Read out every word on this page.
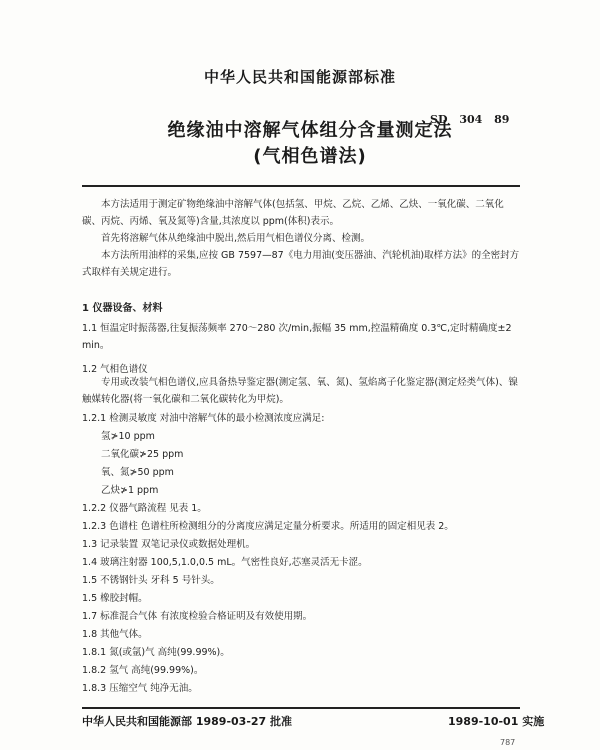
中华人民共和国能源部标准
SD 304 89
绝缘油中溶解气体组分含量测定法
(气相色谱法)
本方法适用于测定矿物绝缘油中溶解气体(包括氢、甲烷、乙烷、乙烯、乙炔、一氧化碳、二氧化碳、丙烷、丙烯、氧及氮等)含量,其浓度以 ppm(体积)表示。
首先将溶解气体从绝缘油中脱出,然后用气相色谱仪分离、检测。
本方法所用油样的采集,应按 GB 7597—87《电力用油(变压器油、汽轮机油)取样方法》的全密封方式取样有关规定进行。
1 仪器设备、材料
1.1 恒温定时振荡器,往复振荡频率 270～280 次/min,振幅 35 mm,控温精确度 0.3℃,定时精确度±2 min。
1.2 气相色谱仪
专用或改装气相色谱仪,应具备热导鉴定器(测定氢、氧、氮)、氢焰离子化鉴定器(测定烃类气体)、镍触媒转化器(将一氧化碳和二氧化碳转化为甲烷)。
1.2.1 检测灵敏度 对油中溶解气体的最小检测浓度应满足:
氢≯10 ppm
二氧化碳≯25 ppm
氧、氮≯50 ppm
乙炔≯1 ppm
1.2.2 仪器气路流程 见表 1。
1.2.3 色谱柱 色谱柱所检测组分的分离度应满足定量分析要求。所适用的固定相见表 2。
1.3 记录装置 双笔记录仪或数据处理机。
1.4 玻璃注射器 100,5,1.0,0.5 mL。气密性良好,芯塞灵活无卡涩。
1.5 不锈钢针头 牙科 5 号针头。
1.5 橡胶封帽。
1.7 标准混合气体 有浓度检验合格证明及有效使用期。
1.8 其他气体。
1.8.1 氮(或氩)气 高纯(99.99%)。
1.8.2 氢气 高纯(99.99%)。
1.8.3 压缩空气 纯净无油。
中华人民共和国能源部 1989-03-27 批准	1989-10-01 实施
787
